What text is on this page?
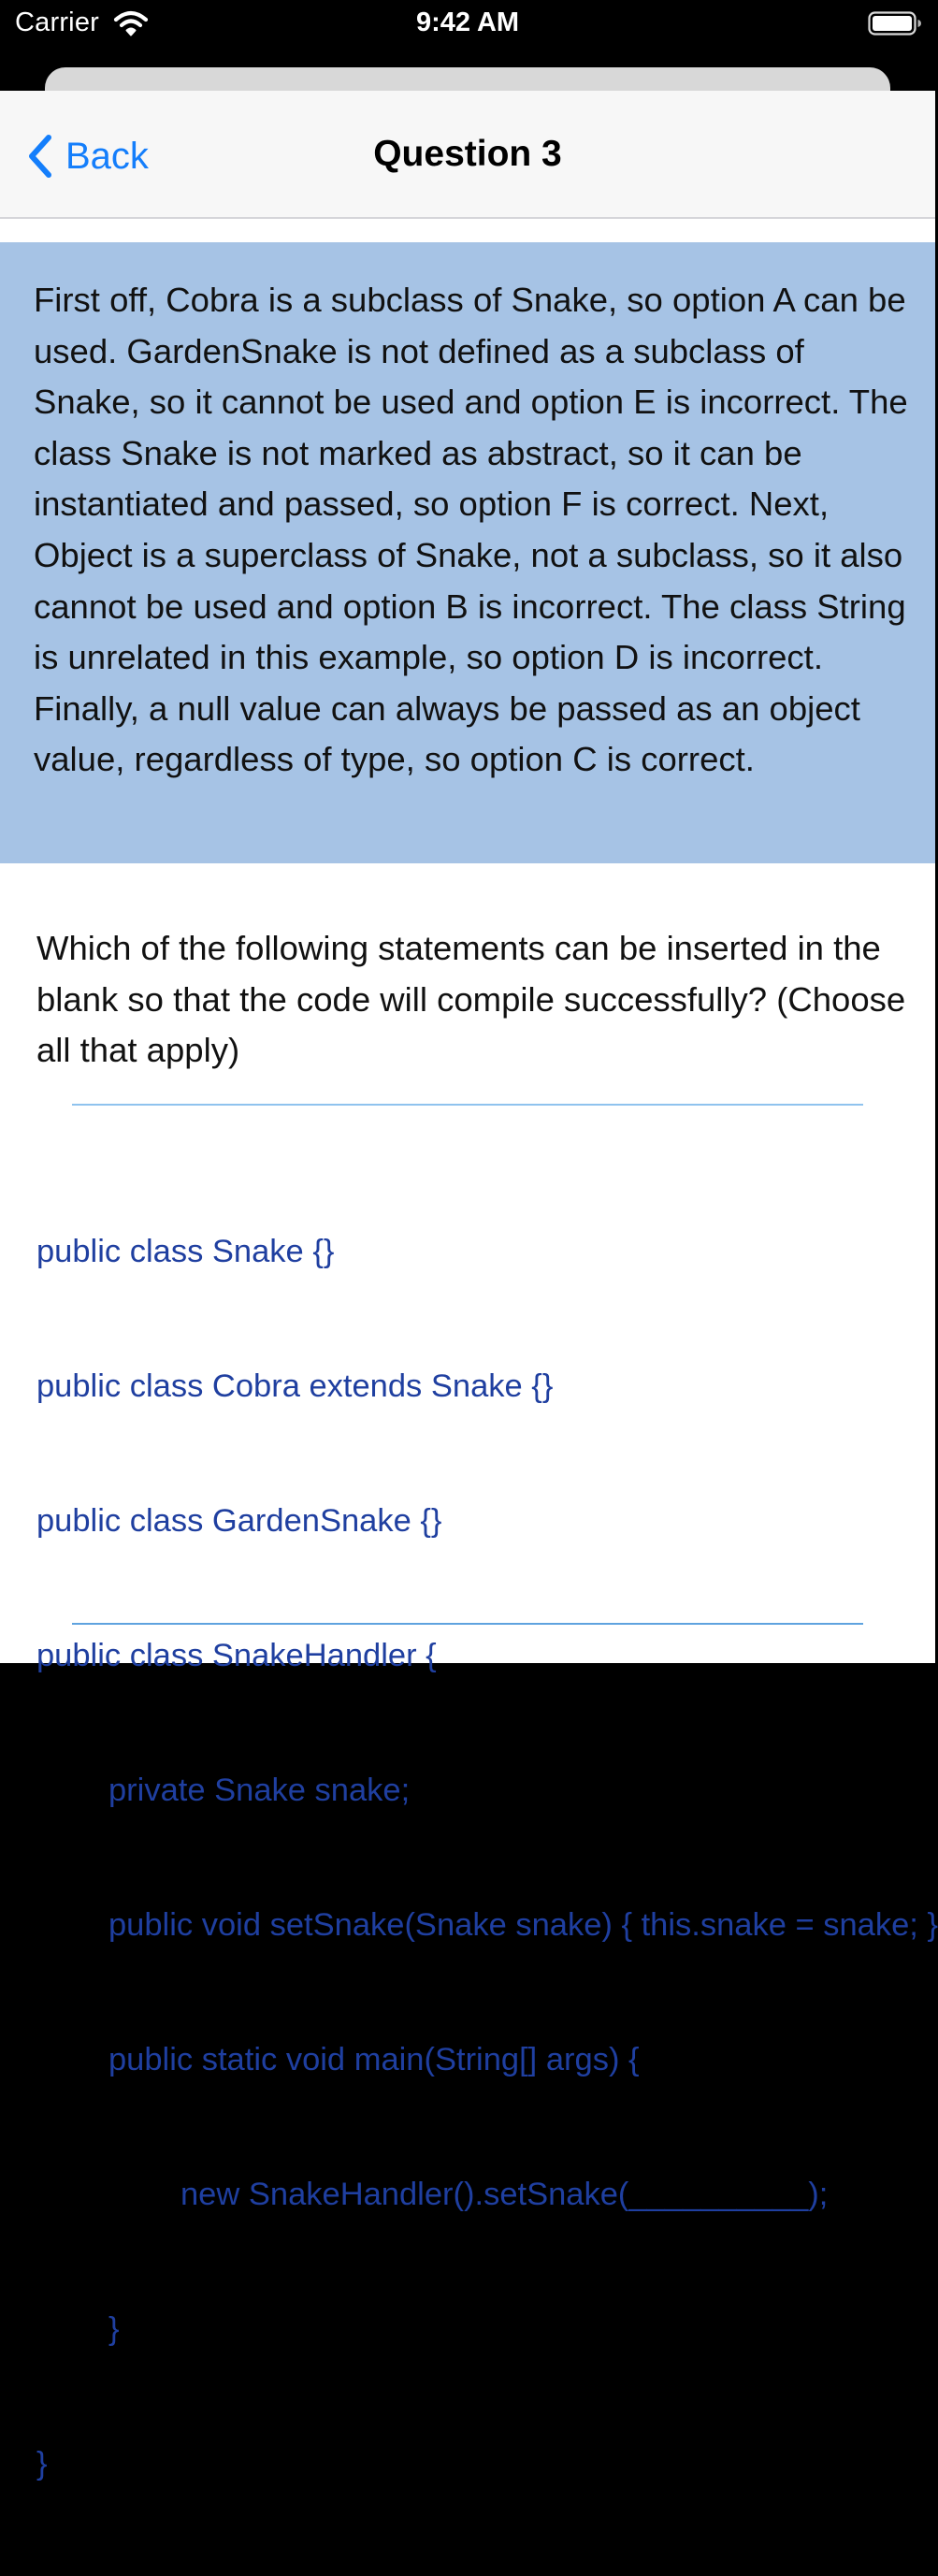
Carrier	9:42 AM
Back	Question 3
First off, Cobra is a subclass of Snake, so option A can be used. GardenSnake is not defined as a subclass of Snake, so it cannot be used and option E is incorrect. The class Snake is not marked as abstract, so it can be instantiated and passed, so option F is correct. Next, Object is a superclass of Snake, not a subclass, so it also cannot be used and option B is incorrect. The class String is unrelated in this example, so option D is incorrect. Finally, a null value can always be passed as an object value, regardless of type, so option C is correct.
Which of the following statements can be inserted in the blank so that the code will compile successfully? (Choose all that apply)

public class Snake {}

public class Cobra extends Snake {}

public class GardenSnake {}

public class SnakeHandler {

private Snake snake;

public void setSnake(Snake snake) { this.snake = snake; }

public static void main(String[] args) {

new SnakeHandler().setSnake(__________);

}

}
